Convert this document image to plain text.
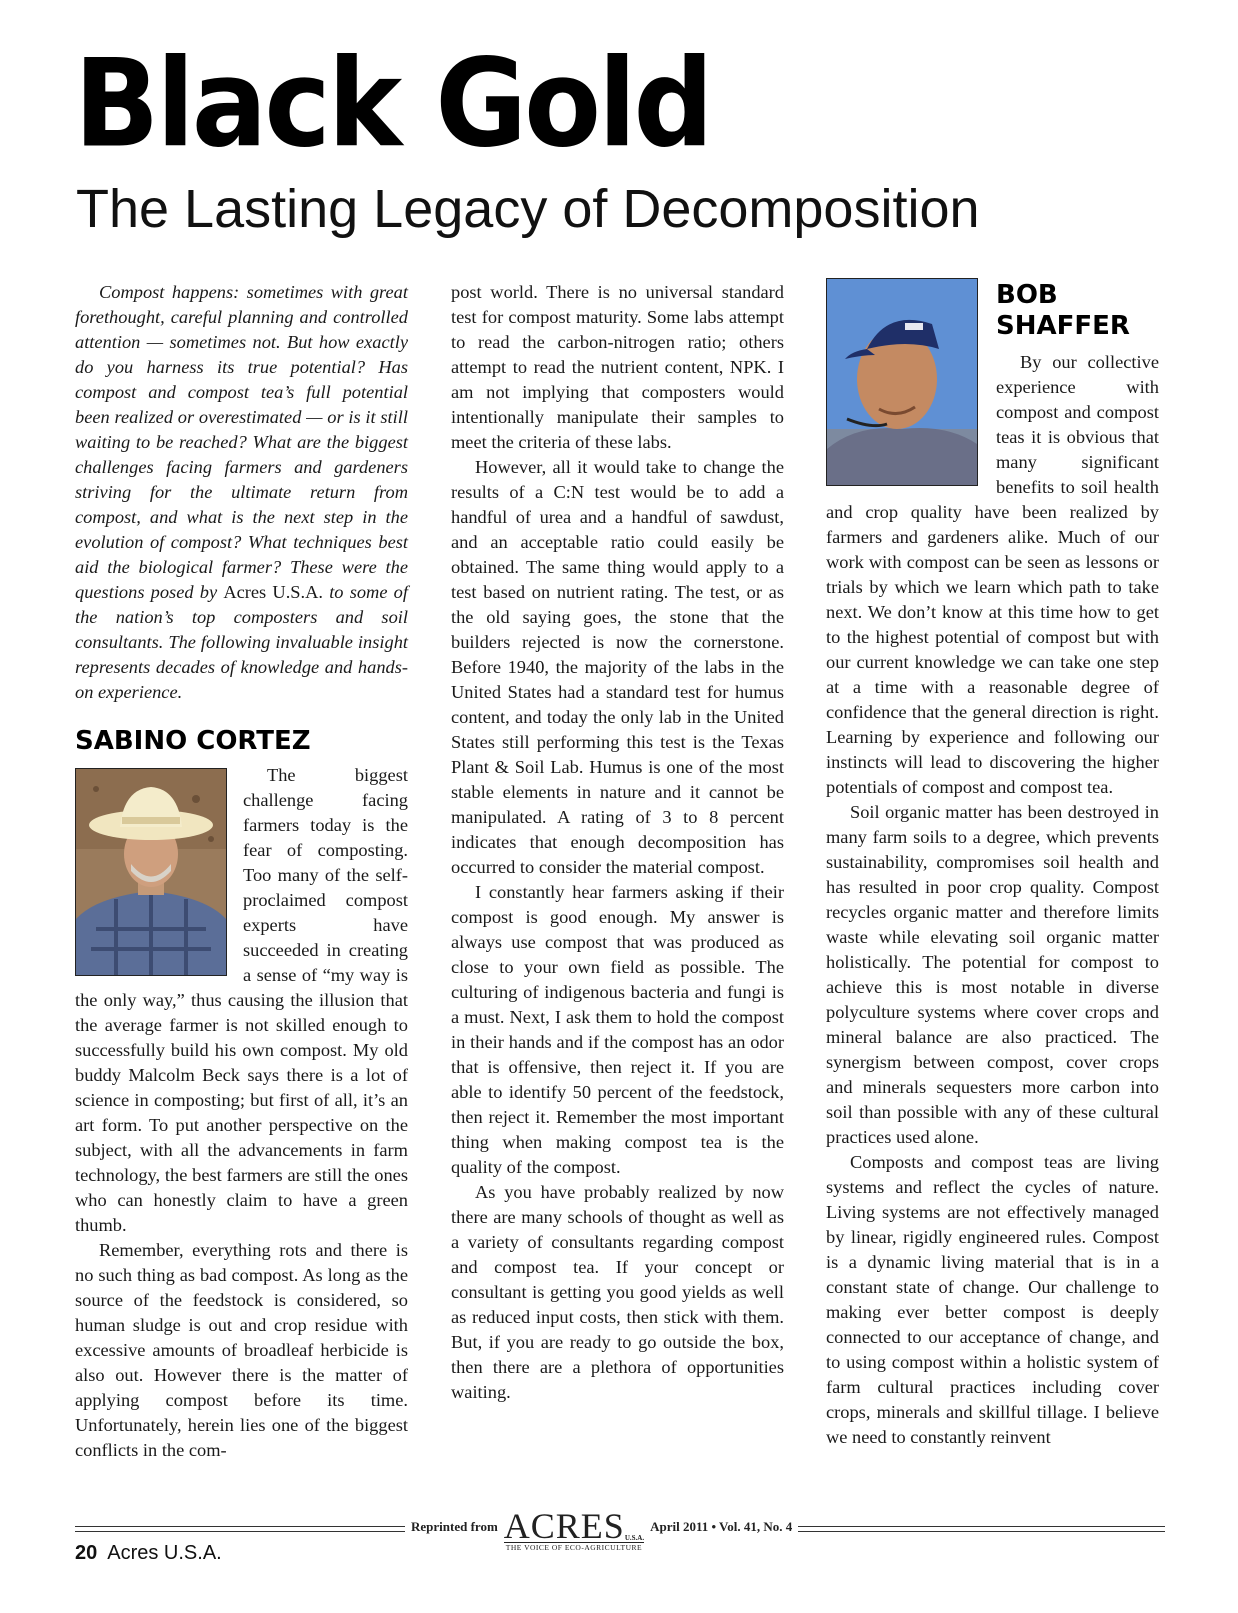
Black Gold
The Lasting Legacy of Decomposition

Compost happens: sometimes with great forethought, careful planning and controlled attention — sometimes not. But how exactly do you harness its true potential? Has compost and compost tea’s full potential been realized or overestimated — or is it still waiting to be reached? What are the biggest challenges facing farmers and gardeners striving for the ultimate return from compost, and what is the next step in the evolution of compost? What techniques best aid the biological farmer? These were the questions posed by Acres U.S.A. to some of the nation’s top composters and soil consultants. The following invaluable insight represents decades of knowledge and hands-on experience.

SABINO CORTEZ

The biggest challenge facing farmers today is the fear of composting. Too many of the self-proclaimed compost experts have succeeded in creating a sense of “my way is the only way,” thus causing the illusion that the average farmer is not skilled enough to successfully build his own compost. My old buddy Malcolm Beck says there is a lot of science in composting; but first of all, it’s an art form. To put another perspective on the subject, with all the advancements in farm technology, the best farmers are still the ones who can honestly claim to have a green thumb.

Remember, everything rots and there is no such thing as bad compost. As long as the source of the feedstock is considered, so human sludge is out and crop residue with excessive amounts of broadleaf herbicide is also out. However there is the matter of applying compost before its time. Unfortunately, herein lies one of the biggest conflicts in the com-

post world. There is no universal standard test for compost maturity. Some labs attempt to read the carbon-nitrogen ratio; others attempt to read the nutrient content, NPK. I am not implying that composters would intentionally manipulate their samples to meet the criteria of these labs.

However, all it would take to change the results of a C:N test would be to add a handful of urea and a handful of sawdust, and an acceptable ratio could easily be obtained. The same thing would apply to a test based on nutrient rating. The test, or as the old saying goes, the stone that the builders rejected is now the cornerstone. Before 1940, the majority of the labs in the United States had a standard test for humus content, and today the only lab in the United States still performing this test is the Texas Plant & Soil Lab. Humus is one of the most stable elements in nature and it cannot be manipulated. A rating of 3 to 8 percent indicates that enough decomposition has occurred to consider the material compost.

I constantly hear farmers asking if their compost is good enough. My answer is always use compost that was produced as close to your own field as possible. The culturing of indigenous bacteria and fungi is a must. Next, I ask them to hold the compost in their hands and if the compost has an odor that is offensive, then reject it. If you are able to identify 50 percent of the feedstock, then reject it. Remember the most important thing when making compost tea is the quality of the compost.

As you have probably realized by now there are many schools of thought as well as a variety of consultants regarding compost and compost tea. If your concept or consultant is getting you good yields as well as reduced input costs, then stick with them. But, if you are ready to go outside the box, then there are a plethora of opportunities waiting.

BOB SHAFFER

By our collective experience with compost and compost teas it is obvious that many significant benefits to soil health and crop quality have been realized by farmers and gardeners alike. Much of our work with compost can be seen as lessons or trials by which we learn which path to take next. We don’t know at this time how to get to the highest potential of compost but with our current knowledge we can take one step at a time with a reasonable degree of confidence that the general direction is right. Learning by experience and following our instincts will lead to discovering the higher potentials of compost and compost tea.

Soil organic matter has been destroyed in many farm soils to a degree, which prevents sustainability, compromises soil health and has resulted in poor crop quality. Compost recycles organic matter and therefore limits waste while elevating soil organic matter holistically. The potential for compost to achieve this is most notable in diverse polyculture systems where cover crops and mineral balance are also practiced. The synergism between compost, cover crops and minerals sequesters more carbon into soil than possible with any of these cultural practices used alone.

Composts and compost teas are living systems and reflect the cycles of nature. Living systems are not effectively managed by linear, rigidly engineered rules. Compost is a dynamic living material that is in a constant state of change. Our challenge to making ever better compost is deeply connected to our acceptance of change, and to using compost within a holistic system of farm cultural practices including cover crops, minerals and skillful tillage. I believe we need to constantly reinvent

Reprinted from ACRESU.S.A.
THE VOICE OF ECO-AGRICULTURE
April 2011 • Vol. 41, No. 4
20 Acres U.S.A.
